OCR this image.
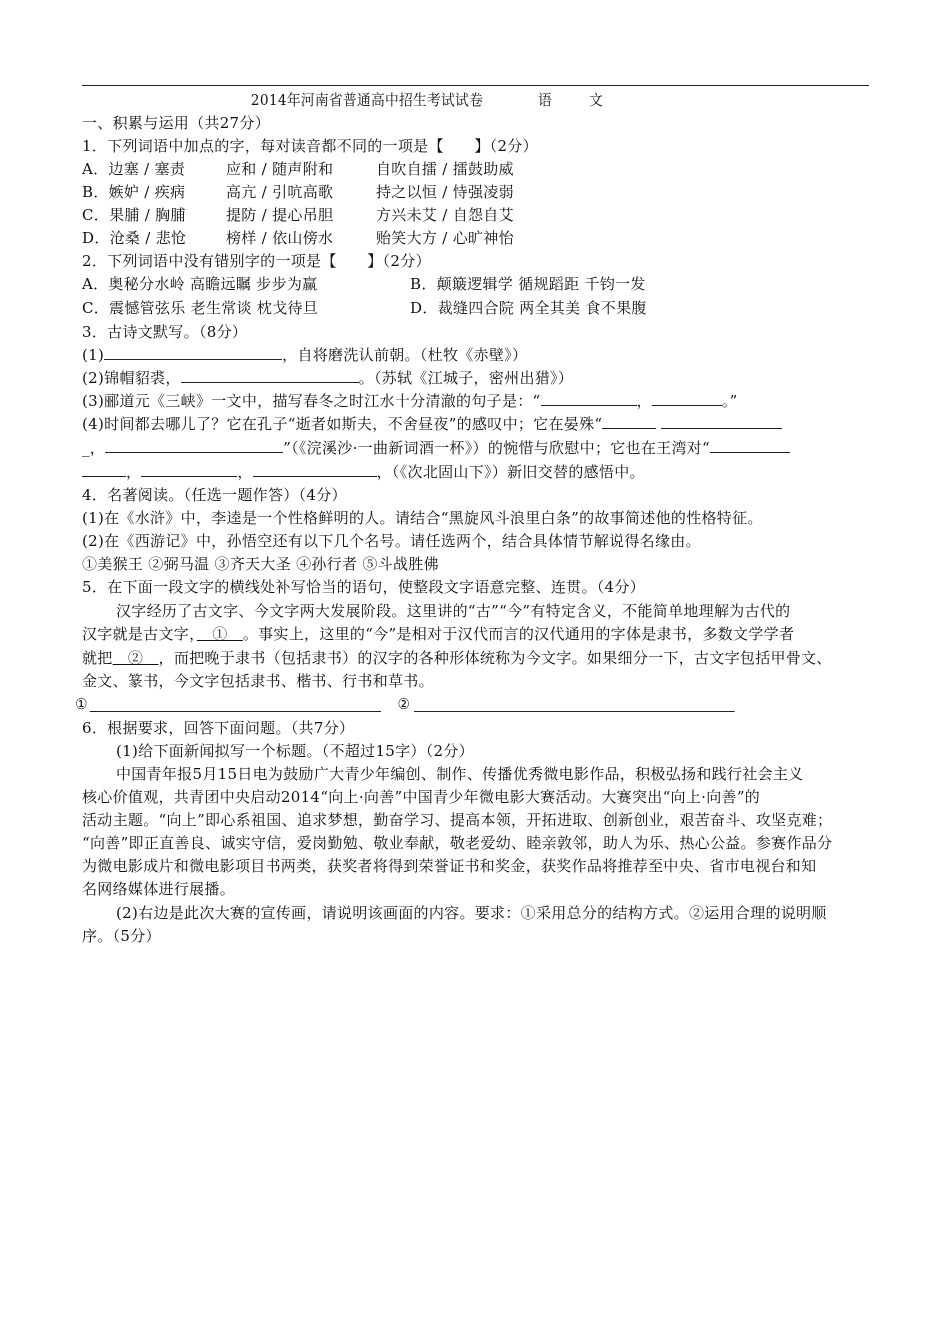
2014年河南省普通高中招生考试试卷	语 文
一、积累与运用（共27分）
1．下列词语中加点的字，每对读音都不同的一项是【　　】（2分）
A．边塞 / 塞责	应和 / 随声附和	自吹自擂 / 擂鼓助威
B．嫉妒 / 疾病	高亢 / 引吭高歌	持之以恒 / 恃强凌弱
C．果脯 / 胸脯	提防 / 提心吊胆	方兴未艾 / 自怨自艾
D．沧桑 / 悲怆	榜样 / 依山傍水	贻笑大方 / 心旷神怡
2．下列词语中没有错别字的一项是【　　】（2分）
A．奥秘分水岭 高瞻远瞩 步步为赢	B．颠簸逻辑学 循规蹈距 千钧一发
C．震憾管弦乐 老生常谈 枕戈待旦	D．裁缝四合院 两全其美 食不果腹
3．古诗文默写。（8分）
(1)	，自将磨洗认前朝。（杜牧《赤壁》）
(2)锦帽貂裘，	。（苏轼《江城子，密州出猎》）
(3)郦道元《三峡》一文中，描写春冬之时江水十分清澈的句子是：“	，	。”
(4)时间都去哪儿了？它在孔子“逝者如斯夫，不舍昼夜”的感叹中；它在晏殊“
_，	”（《浣溪沙·一曲新词酒一杯》）的惋惜与欣慰中；它也在王湾对“
，	，	，（《次北固山下》）新旧交替的感悟中。
4．名著阅读。（任选一题作答）（4分）
(1)在《水浒》中，李逵是一个性格鲜明的人。请结合“黑旋风斗浪里白条”的故事简述他的性格特征。
(2)在《西游记》中，孙悟空还有以下几个名号。请任选两个，结合具体情节解说得名缘由。
①美猴王 ②弼马温 ③齐天大圣 ④孙行者 ⑤斗战胜佛
5．在下面一段文字的横线处补写恰当的语句，使整段文字语意完整、连贯。（4分）
汉字经历了古文字、今文字两大发展阶段。这里讲的“古”“今”有特定含义，不能简单地理解为古代的
汉字就是古文字，　①　。事实上，这里的“今”是相对于汉代而言的汉代通用的字体是隶书，多数文学学者
就把　②　，而把晚于隶书（包括隶书）的汉字的各种形体统称为今文字。如果细分一下，古文字包括甲骨文、
金文、篆书，今文字包括隶书、楷书、行书和草书。
①	②
6．根据要求，回答下面问题。（共7分）
(1)给下面新闻拟写一个标题。（不超过15字）（2分）
中国青年报5月15日电为鼓励广大青少年编创、制作、传播优秀微电影作品，积极弘扬和践行社会主义
核心价值观，共青团中央启动2014“向上·向善”中国青少年微电影大赛活动。大赛突出“向上·向善”的
活动主题。“向上”即心系祖国、追求梦想，勤奋学习、提高本领，开拓进取、创新创业，艰苦奋斗、攻坚克难；
“向善”即正直善良、诚实守信，爱岗勤勉、敬业奉献，敬老爱幼、睦亲敦邻，助人为乐、热心公益。参赛作品分
为微电影成片和微电影项目书两类，获奖者将得到荣誉证书和奖金，获奖作品将推荐至中央、省市电视台和知
名网络媒体进行展播。
(2)右边是此次大赛的宣传画，请说明该画面的内容。要求：①采用总分的结构方式。②运用合理的说明顺
序。（5分）
